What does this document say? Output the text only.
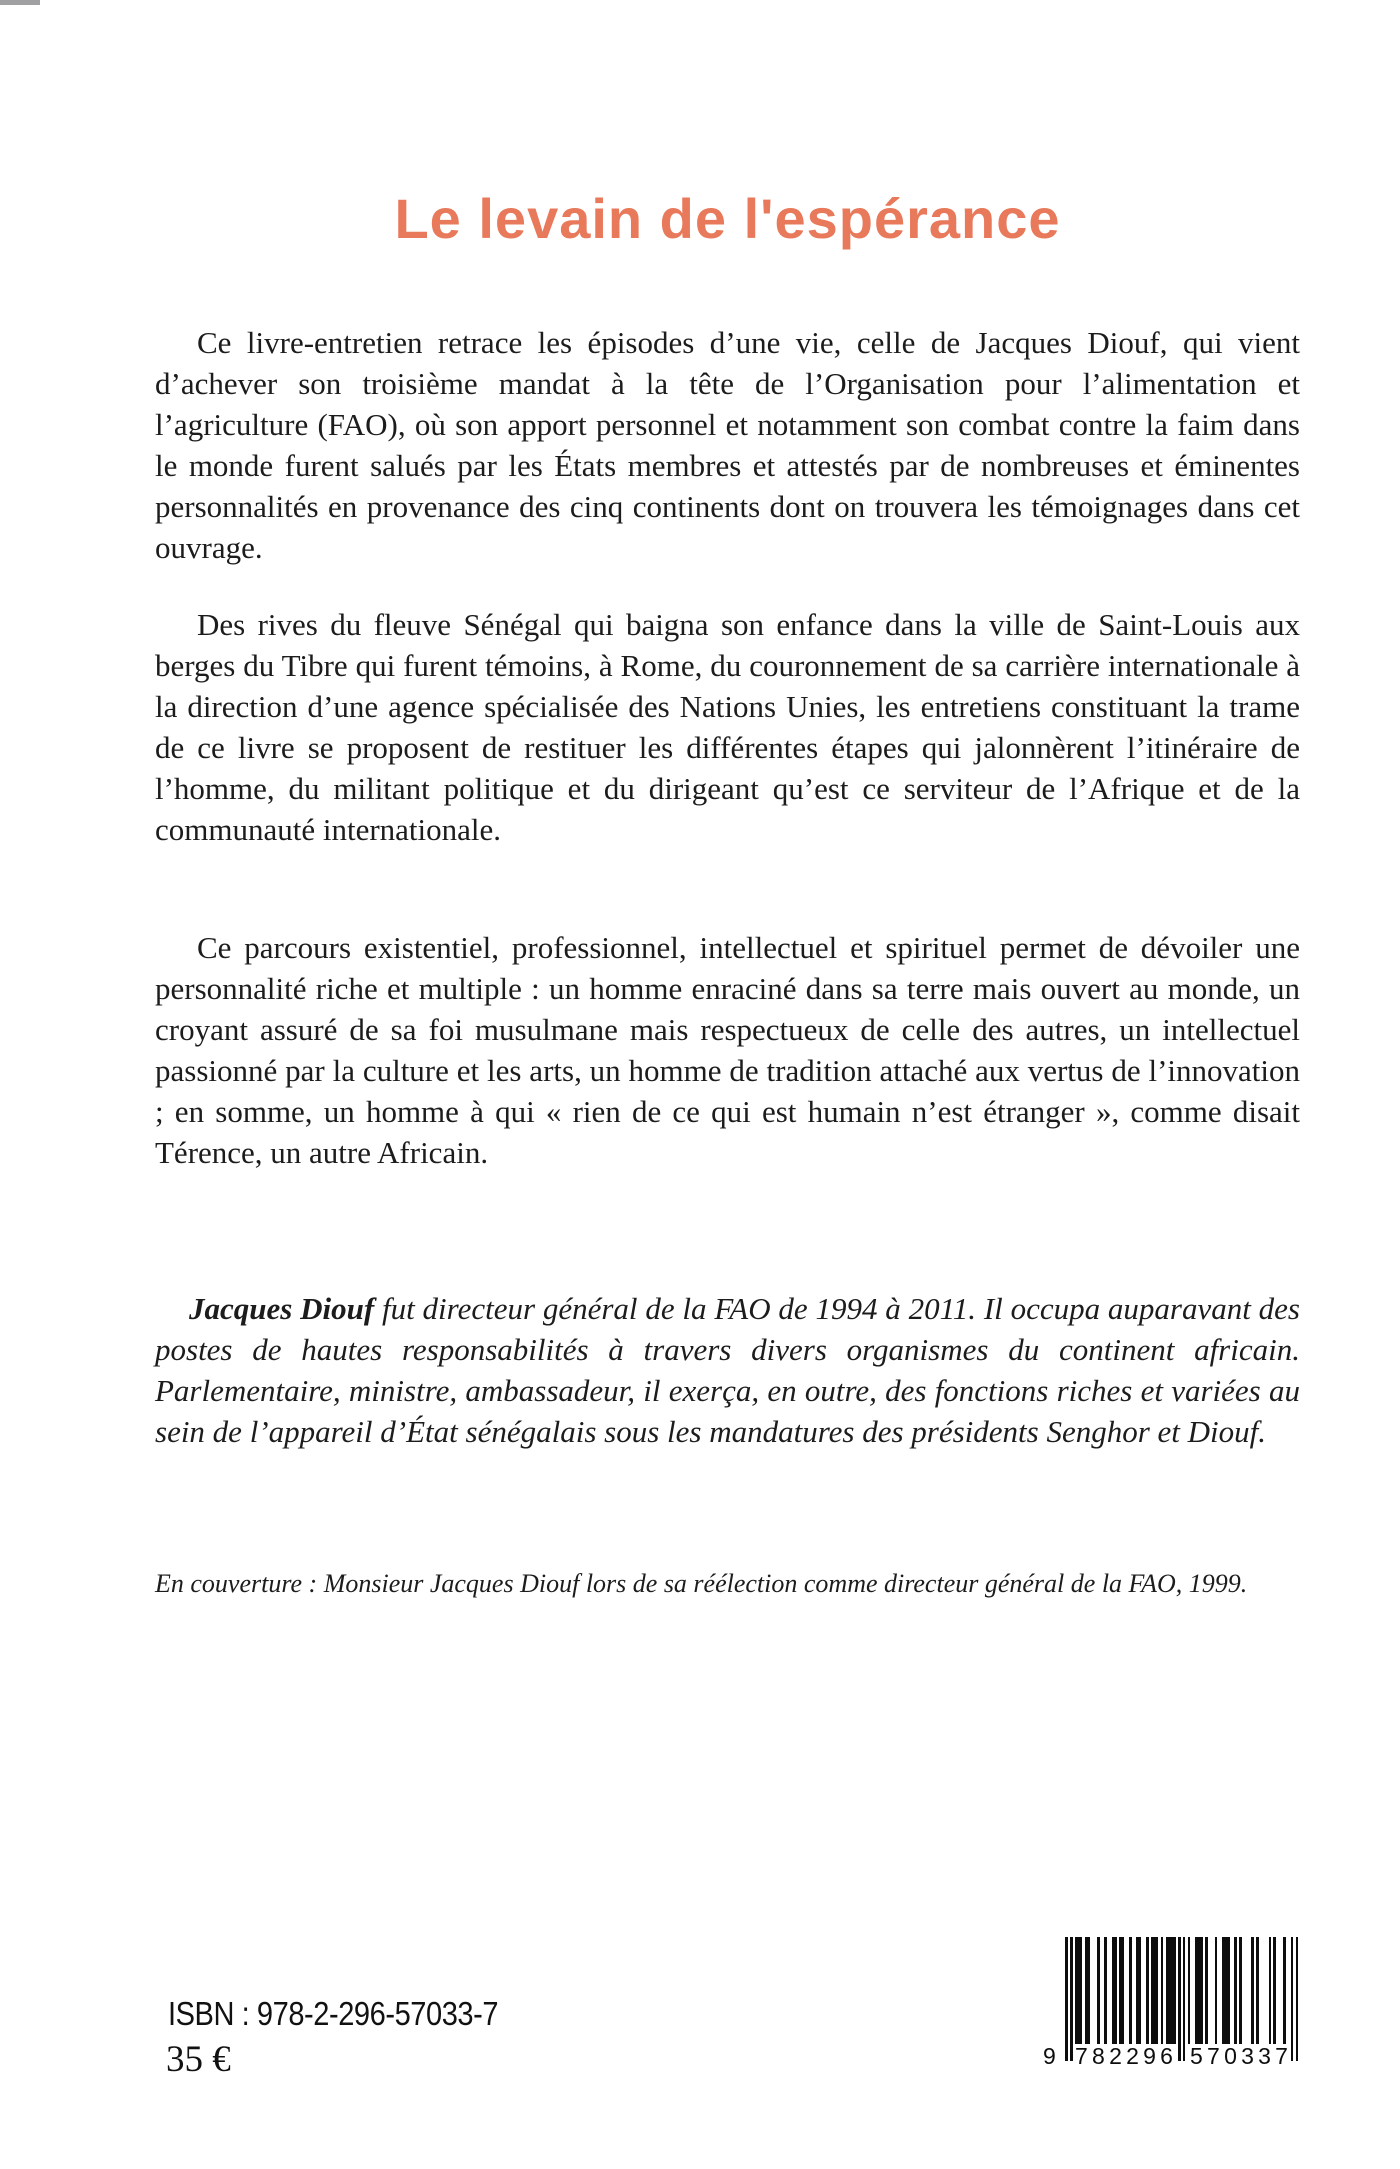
Le levain de l'espérance

Ce livre-entretien retrace les épisodes d’une vie, celle de Jacques Diouf, qui vient d’achever son troisième mandat à la tête de l’Organisation pour l’alimentation et l’agriculture (FAO), où son apport personnel et notamment son combat contre la faim dans le monde furent salués par les États membres et attestés par de nombreuses et éminentes personnalités en provenance des cinq continents dont on trouvera les témoignages dans cet ouvrage.

Des rives du fleuve Sénégal qui baigna son enfance dans la ville de Saint-Louis aux berges du Tibre qui furent témoins, à Rome, du couronnement de sa carrière internationale à la direction d’une agence spécialisée des Nations Unies, les entretiens constituant la trame de ce livre se proposent de restituer les différentes étapes qui jalonnèrent l’itinéraire de l’homme, du militant politique et du dirigeant qu’est ce serviteur de l’Afrique et de la communauté internationale.

Ce parcours existentiel, professionnel, intellectuel et spirituel permet de dévoiler une personnalité riche et multiple : un homme enraciné dans sa terre mais ouvert au monde, un croyant assuré de sa foi musulmane mais respectueux de celle des autres, un intellectuel passionné par la culture et les arts, un homme de tradition attaché aux vertus de l’innovation ; en somme, un homme à qui « rien de ce qui est humain n’est étranger », comme disait Térence, un autre Africain.

Jacques Diouf fut directeur général de la FAO de 1994 à 2011. Il occupa auparavant des postes de hautes responsabilités à travers divers organismes du continent africain. Parlementaire, ministre, ambassadeur, il exerça, en outre, des fonctions riches et variées au sein de l’appareil d’État sénégalais sous les mandatures des présidents Senghor et Diouf.

En couverture : Monsieur Jacques Diouf lors de sa réélection comme directeur général de la FAO, 1999.
ISBN : 978-2-296-57033-7
35 €	9 7 8 2 2 9 6 5 7 0 3 3 7
